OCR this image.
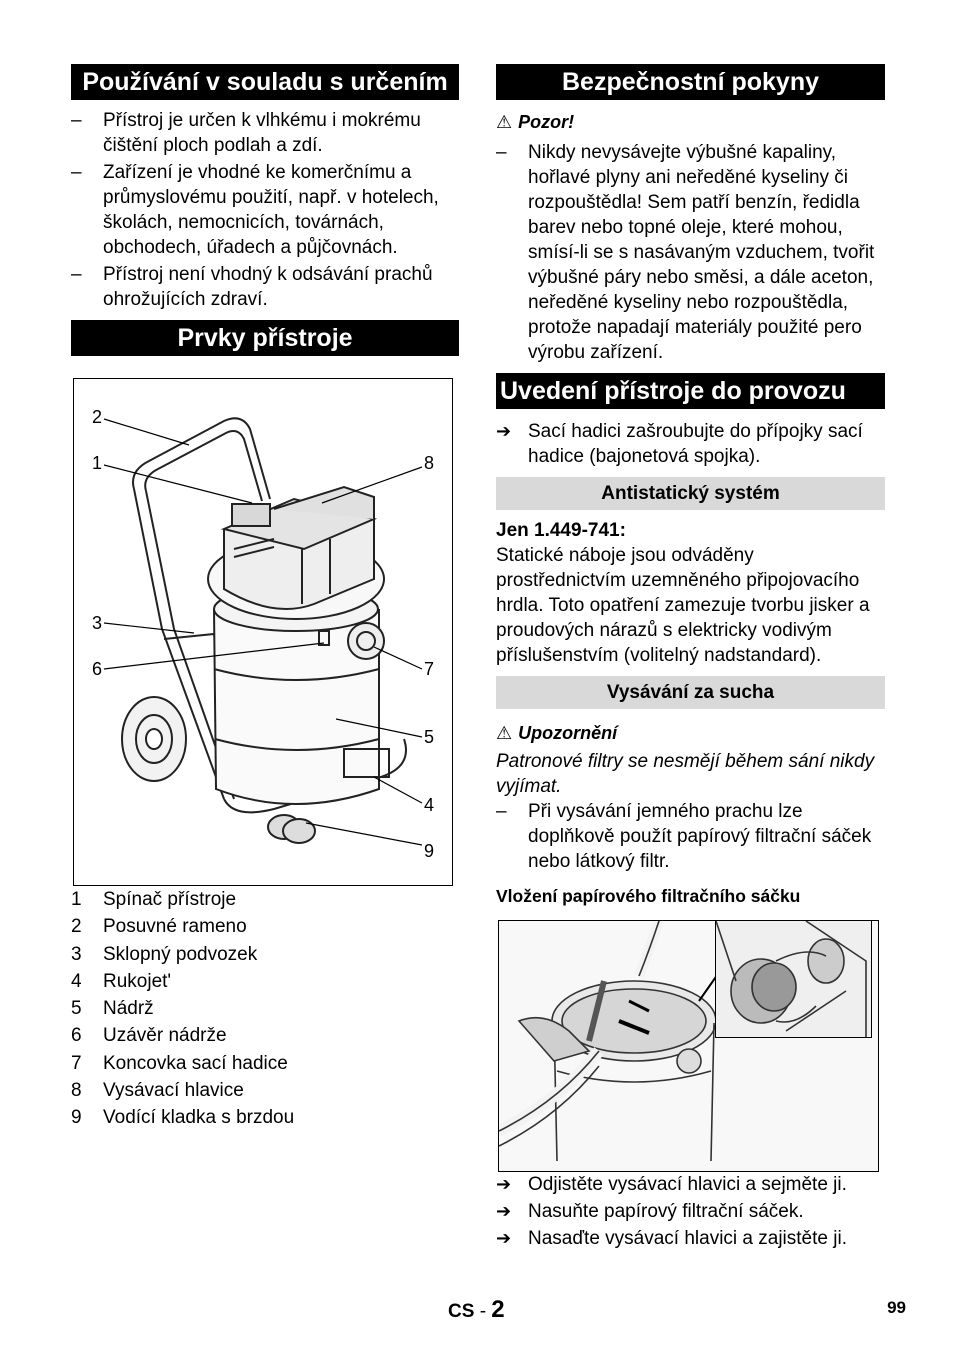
Používání v souladu s určením
– Přístroj je určen k vlhkému i mokrému čištění ploch podlah a zdí.
– Zařízení je vhodné ke komerčnímu a průmyslovému použití, např. v hotelech, školách, nemocnicích, továrnách, obchodech, úřadech a půjčovnách.
– Přístroj není vhodný k odsávání prachů ohrožujících zdraví.
Prvky přístroje
2
1
3
6	7
8
5
4
9
1 Spínač přístroje
2 Posuvné rameno
3 Sklopný podvozek
4 Rukojet'
5 Nádrž
6 Uzávěr nádrže
7 Koncovka sací hadice
8 Vysávací hlavice
9 Vodící kladka s brzdou
Bezpečnostní pokyny
⚠ Pozor!
– Nikdy nevysávejte výbušné kapaliny, hořlavé plyny ani neředěné kyseliny či rozpouštědla! Sem patří benzín, ředidla barev nebo topné oleje, které mohou, smísí-li se s nasávaným vzduchem, tvořit výbušné páry nebo směsi, a dále aceton, neředěné kyseliny nebo rozpouštědla, protože napadají materiály použité pero výrobu zařízení.
Uvedení přístroje do provozu
➔ Sací hadici zašroubujte do přípojky sací hadice (bajonetová spojka).
Antistatický systém
Jen 1.449-741:
Statické náboje jsou odváděny prostřednictvím uzemněného připojovacího hrdla. Toto opatření zamezuje tvorbu jisker a proudových nárazů s elektricky vodivým příslušenstvím (volitelný nadstandard).
Vysávání za sucha
⚠ Upozornění
Patronové filtry se nesmějí během sání nikdy vyjímat.
– Při vysávání jemného prachu lze doplňkově použít papírový filtrační sáček nebo látkový filtr.
Vložení papírového filtračního sáčku
➔ Odjistěte vysávací hlavici a sejměte ji.
➔ Nasuňte papírový filtrační sáček.
➔ Nasaďte vysávací hlavici a zajistěte ji.
CS - 2	99
